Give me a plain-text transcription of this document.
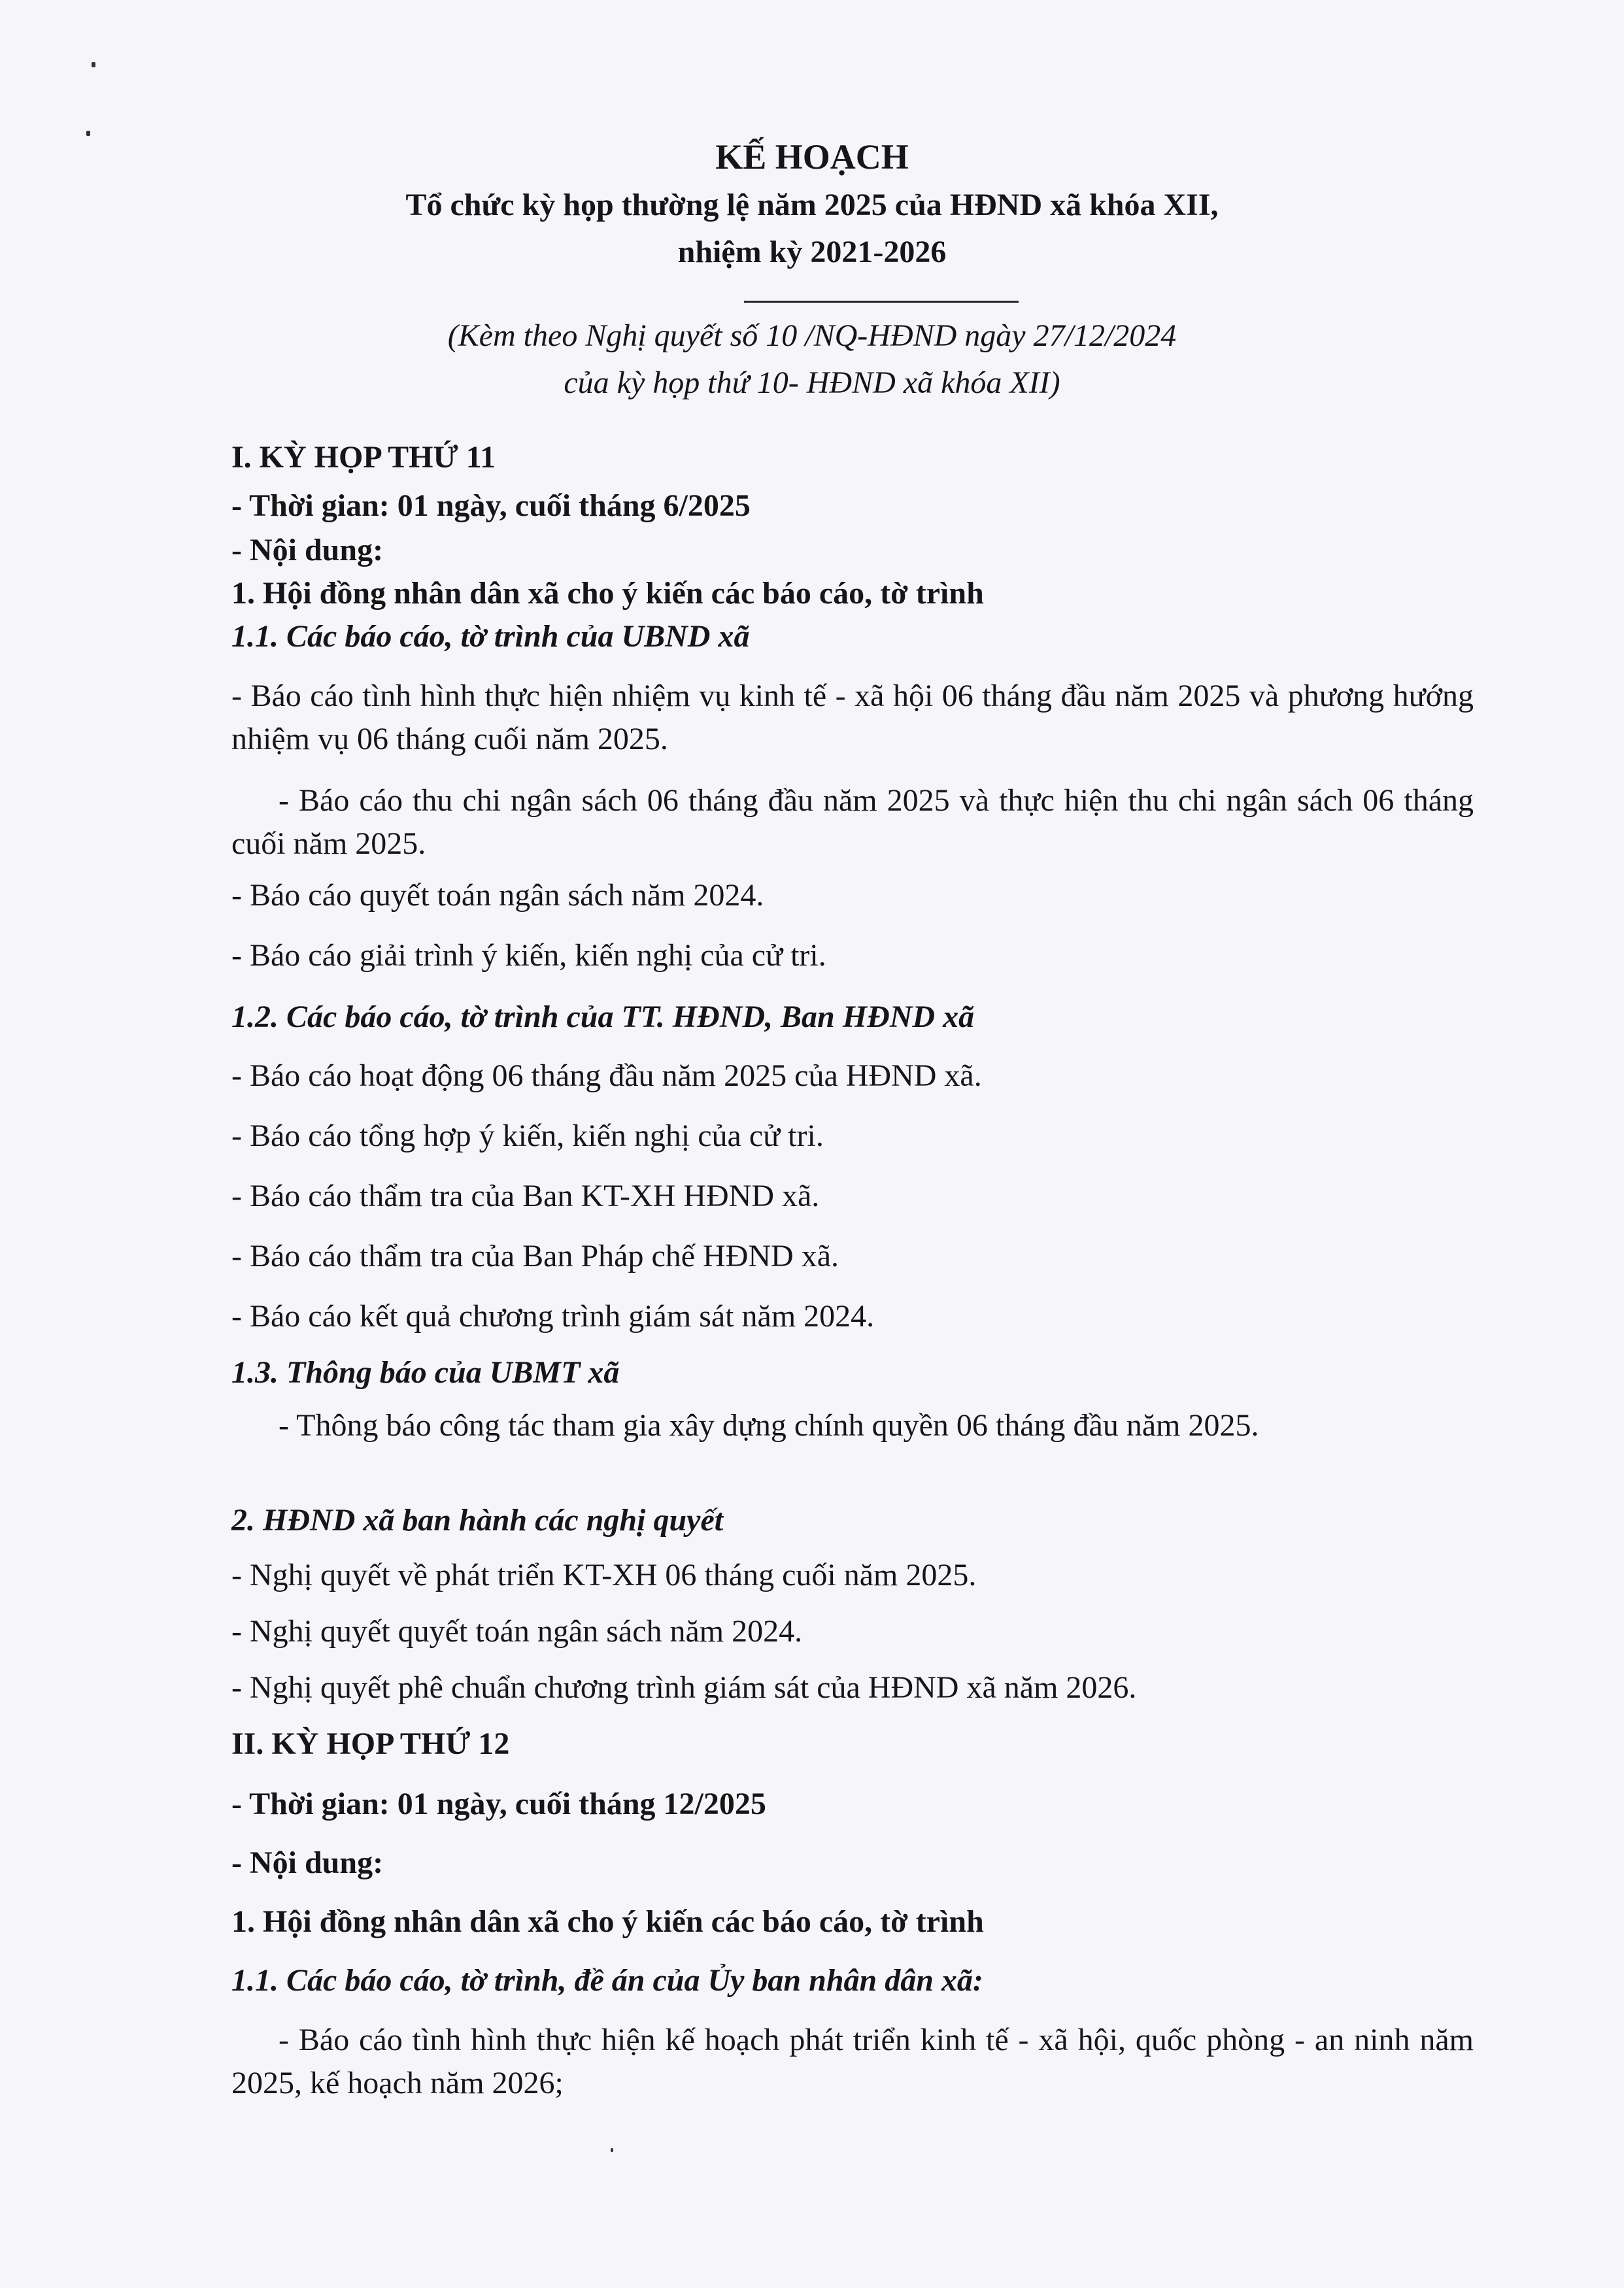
KẾ HOẠCH
Tổ chức kỳ họp thường lệ năm 2025 của HĐND xã khóa XII,
nhiệm kỳ 2021-2026
(Kèm theo Nghị quyết số 10 /NQ-HĐND ngày 27/12/2024
của kỳ họp thứ 10- HĐND xã khóa XII)
I. KỲ HỌP THỨ 11
- Thời gian: 01 ngày, cuối tháng 6/2025
- Nội dung:
1. Hội đồng nhân dân xã cho ý kiến các báo cáo, tờ trình
1.1. Các báo cáo, tờ trình của UBND xã
- Báo cáo tình hình thực hiện nhiệm vụ kinh tế - xã hội 06 tháng đầu năm 2025 và phương hướng nhiệm vụ 06 tháng cuối năm 2025.
- Báo cáo thu chi ngân sách 06 tháng đầu năm 2025 và thực hiện thu chi ngân sách 06 tháng cuối năm 2025.
- Báo cáo quyết toán ngân sách năm 2024.
- Báo cáo giải trình ý kiến, kiến nghị của cử tri.
1.2. Các báo cáo, tờ trình của TT. HĐND, Ban HĐND xã
- Báo cáo hoạt động 06 tháng đầu năm 2025 của HĐND xã.
- Báo cáo tổng hợp ý kiến, kiến nghị của cử tri.
- Báo cáo thẩm tra của Ban KT-XH HĐND xã.
- Báo cáo thẩm tra của Ban Pháp chế HĐND xã.
- Báo cáo kết quả chương trình giám sát năm 2024.
1.3. Thông báo của UBMT xã
- Thông báo công tác tham gia xây dựng chính quyền 06 tháng đầu năm 2025.
2. HĐND xã ban hành các nghị quyết
- Nghị quyết về phát triển KT-XH 06 tháng cuối năm 2025.
- Nghị quyết quyết toán ngân sách năm 2024.
- Nghị quyết phê chuẩn chương trình giám sát của HĐND xã năm 2026.
II. KỲ HỌP THỨ 12
- Thời gian: 01 ngày, cuối tháng 12/2025
- Nội dung:
1. Hội đồng nhân dân xã cho ý kiến các báo cáo, tờ trình
1.1. Các báo cáo, tờ trình, đề án của Ủy ban nhân dân xã:
- Báo cáo tình hình thực hiện kế hoạch phát triển kinh tế - xã hội, quốc phòng - an ninh năm 2025, kế hoạch năm 2026;
